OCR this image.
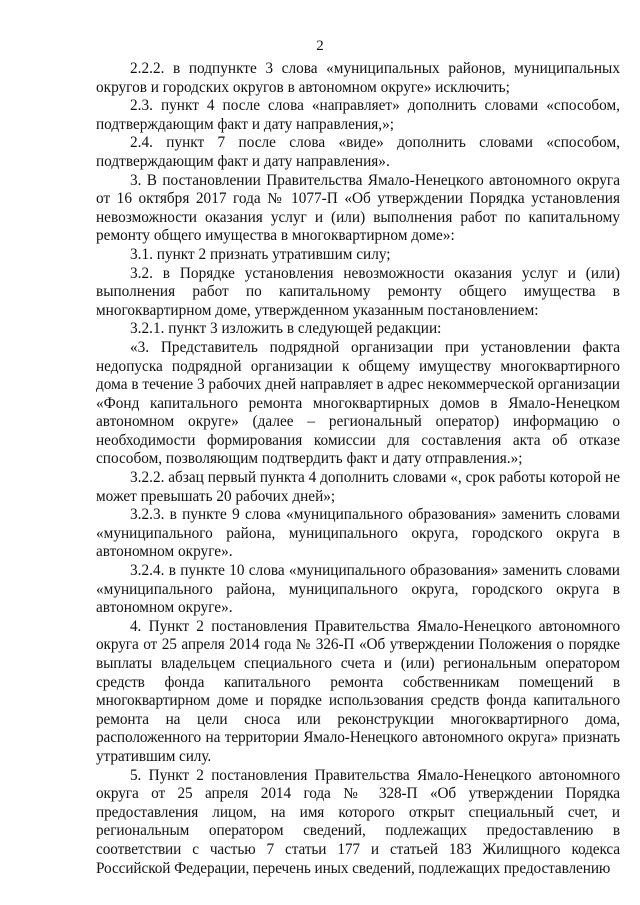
2

2.2.2. в подпункте 3 слова «муниципальных районов, муниципальных округов и городских округов в автономном округе» исключить;

2.3. пункт 4 после слова «направляет» дополнить словами «способом, подтверждающим факт и дату направления,»;

2.4. пункт 7 после слова «виде» дополнить словами «способом, подтверждающим факт и дату направления».

3. В постановлении Правительства Ямало-Ненецкого автономного округа от 16 октября 2017 года № 1077-П «Об утверждении Порядка установления невозможности оказания услуг и (или) выполнения работ по капитальному ремонту общего имущества в многоквартирном доме»:

3.1. пункт 2 признать утратившим силу;

3.2. в Порядке установления невозможности оказания услуг и (или) выполнения работ по капитальному ремонту общего имущества в многоквартирном доме, утвержденном указанным постановлением:

3.2.1. пункт 3 изложить в следующей редакции:

«3. Представитель подрядной организации при установлении факта недопуска подрядной организации к общему имуществу многоквартирного дома в течение 3 рабочих дней направляет в адрес некоммерческой организации «Фонд капитального ремонта многоквартирных домов в Ямало-Ненецком автономном округе» (далее – региональный оператор) информацию о необходимости формирования комиссии для составления акта об отказе способом, позволяющим подтвердить факт и дату отправления.»;

3.2.2. абзац первый пункта 4 дополнить словами «, срок работы которой не может превышать 20 рабочих дней»;

3.2.3. в пункте 9 слова «муниципального образования» заменить словами «муниципального района, муниципального округа, городского округа в автономном округе».

3.2.4. в пункте 10 слова «муниципального образования» заменить словами «муниципального района, муниципального округа, городского округа в автономном округе».

4. Пункт 2 постановления Правительства Ямало-Ненецкого автономного округа от 25 апреля 2014 года № 326-П «Об утверждении Положения о порядке выплаты владельцем специального счета и (или) региональным оператором средств фонда капитального ремонта собственникам помещений в многоквартирном доме и порядке использования средств фонда капитального ремонта на цели сноса или реконструкции многоквартирного дома, расположенного на территории Ямало-Ненецкого автономного округа» признать утратившим силу.

5. Пункт 2 постановления Правительства Ямало-Ненецкого автономного округа от 25 апреля 2014 года № 328-П «Об утверждении Порядка предоставления лицом, на имя которого открыт специальный счет, и региональным оператором сведений, подлежащих предоставлению в соответствии с частью 7 статьи 177 и статьей 183 Жилищного кодекса Российской Федерации, перечень иных сведений, подлежащих предоставлению
